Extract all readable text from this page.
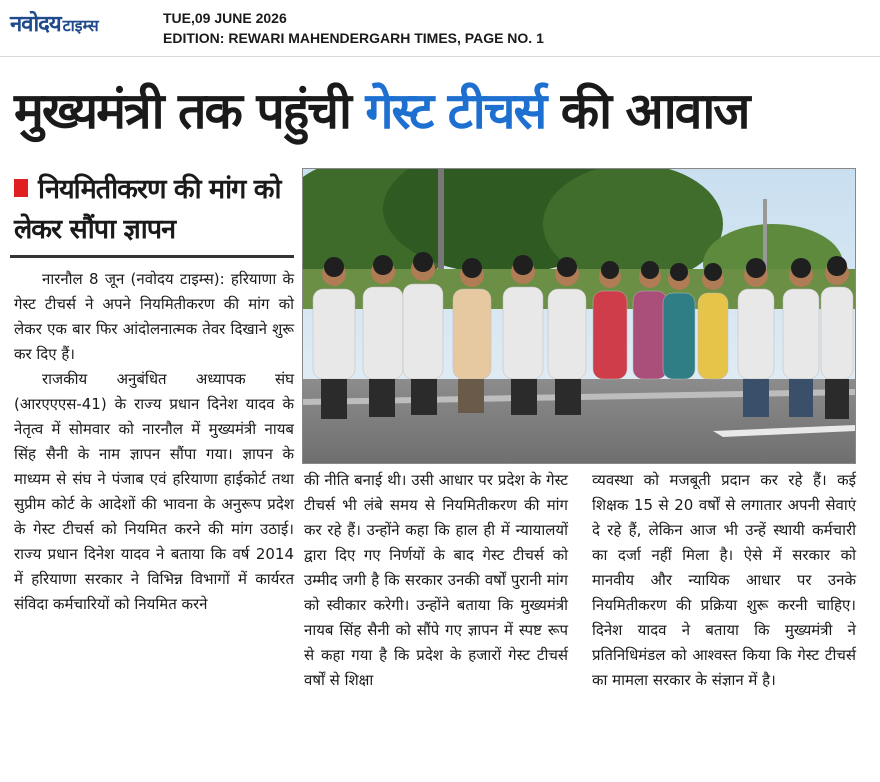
नवोदय टाइम्स	TUE,09 JUNE 2026
EDITION: REWARI MAHENDERGARH TIMES, PAGE NO. 1
मुख्यमंत्री तक पहुंची गेस्ट टीचर्स की आवाज
नियमितीकरण की मांग को लेकर सौंपा ज्ञापन

नारनौल 8 जून (नवोदय टाइम्स): हरियाणा के गेस्ट टीचर्स ने अपने नियमितीकरण की मांग को लेकर एक बार फिर आंदोलनात्मक तेवर दिखाने शुरू कर दिए हैं।

राजकीय अनुबंधित अध्यापक संघ (आरएएएस-41) के राज्य प्रधान दिनेश यादव के नेतृत्व में सोमवार को नारनौल में मुख्यमंत्री नायब सिंह सैनी के नाम ज्ञापन सौंपा गया। ज्ञापन के माध्यम से संघ ने पंजाब एवं हरियाणा हाईकोर्ट तथा सुप्रीम कोर्ट के आदेशों की भावना के अनुरूप प्रदेश के गेस्ट टीचर्स को नियमित करने की मांग उठाई।राज्य प्रधान दिनेश यादव ने बताया कि वर्ष 2014 में हरियाणा सरकार ने विभिन्न विभागों में कार्यरत संविदा कर्मचारियों को नियमित करने

की नीति बनाई थी। उसी आधार पर प्रदेश के गेस्ट टीचर्स भी लंबे समय से नियमितीकरण की मांग कर रहे हैं। उन्होंने कहा कि हाल ही में न्यायालयों द्वारा दिए गए निर्णयों के बाद गेस्ट टीचर्स को उम्मीद जगी है कि सरकार उनकी वर्षों पुरानी मांग को स्वीकार करेगी। उन्होंने बताया कि मुख्यमंत्री नायब सिंह सैनी को सौंपे गए ज्ञापन में स्पष्ट रूप से कहा गया है कि प्रदेश के हजारों गेस्ट टीचर्स वर्षों से शिक्षा

व्यवस्था को मजबूती प्रदान कर रहे हैं। कई शिक्षक 15 से 20 वर्षों से लगातार अपनी सेवाएं दे रहे हैं, लेकिन आज भी उन्हें स्थायी कर्मचारी का दर्जा नहीं मिला है। ऐसे में सरकार को मानवीय और न्यायिक आधार पर उनके नियमितीकरण की प्रक्रिया शुरू करनी चाहिए। दिनेश यादव ने बताया कि मुख्यमंत्री ने प्रतिनिधिमंडल को आश्वस्त किया कि गेस्ट टीचर्स का मामला सरकार के संज्ञान में है।
